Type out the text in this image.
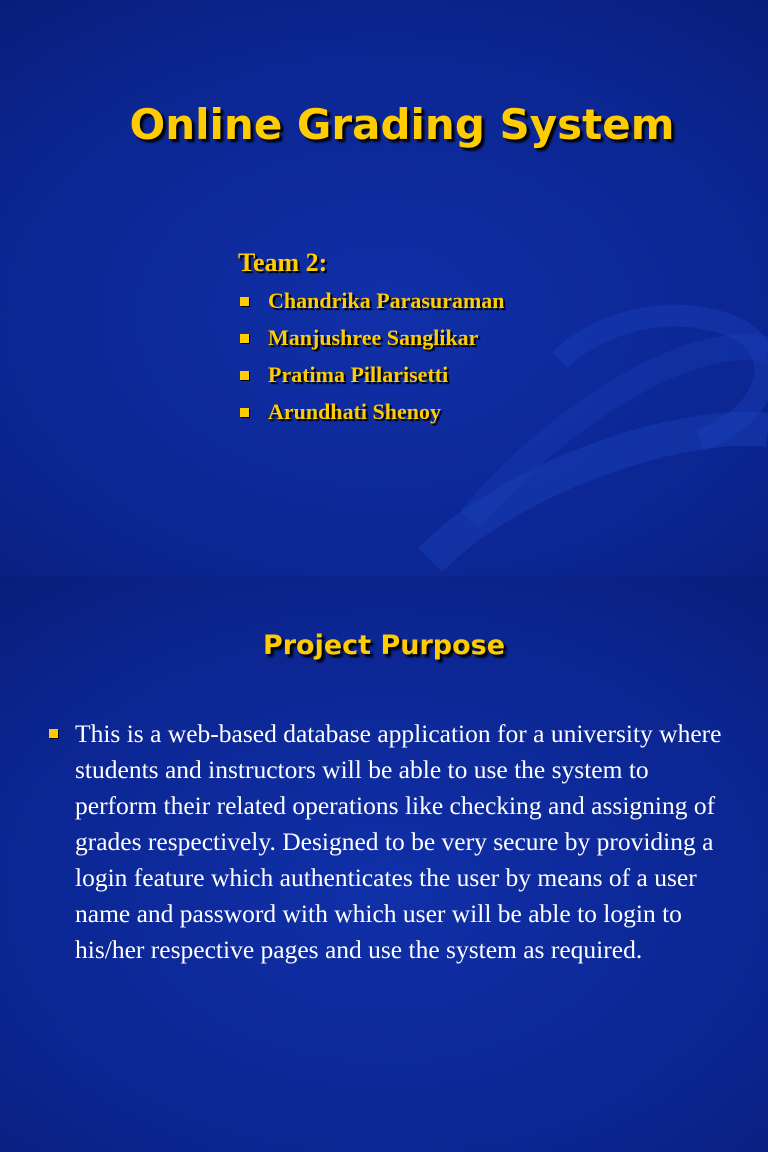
Online Grading System
Team 2:
Chandrika Parasuraman
Manjushree Sanglikar
Pratima Pillarisetti
Arundhati Shenoy
Project Purpose
This is a web-based database application for a university where students and instructors will be able to use the system to perform their related operations like checking and assigning of grades respectively. Designed to be very secure by providing a login feature which authenticates the user by means of a user name and password with which user will be able to login to his/her respective pages and use the system as required.
